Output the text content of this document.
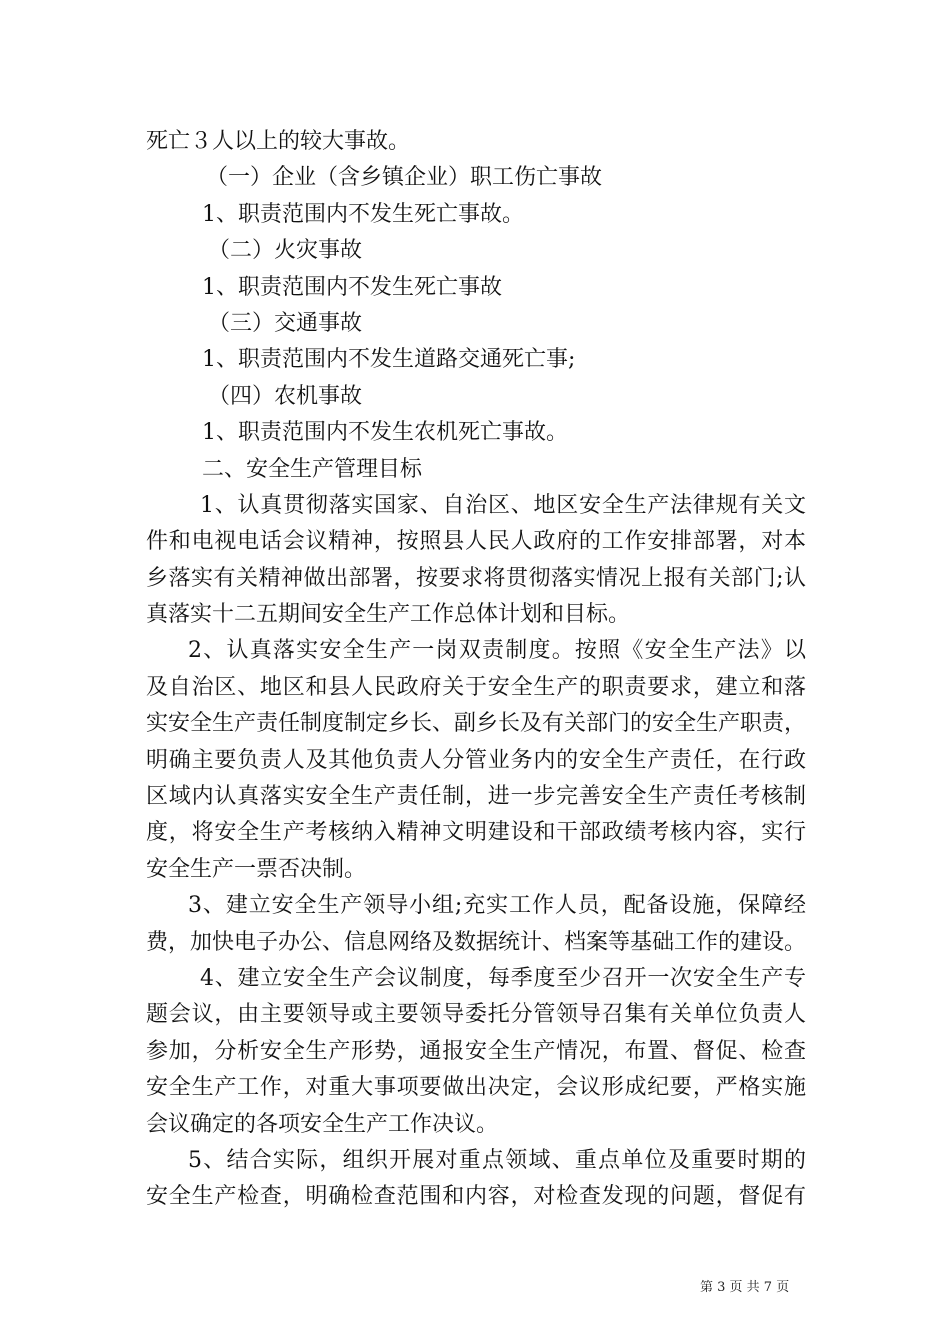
死亡３人以上的较大事故。
（一）企业（含乡镇企业）职工伤亡事故
1、职责范围内不发生死亡事故。
（二）火灾事故
1、职责范围内不发生死亡事故
（三）交通事故
1、职责范围内不发生道路交通死亡事;
（四）农机事故
1、职责范围内不发生农机死亡事故。
二、安全生产管理目标
1、认真贯彻落实国家、自治区、地区安全生产法律规有关文
件和电视电话会议精神，按照县人民人政府的工作安排部署，对本
乡落实有关精神做出部署，按要求将贯彻落实情况上报有关部门;认
真落实十二五期间安全生产工作总体计划和目标。
2、认真落实安全生产一岗双责制度。按照《安全生产法》以
及自治区、地区和县人民政府关于安全生产的职责要求，建立和落
实安全生产责任制度制定乡长、副乡长及有关部门的安全生产职责，
明确主要负责人及其他负责人分管业务内的安全生产责任，在行政
区域内认真落实安全生产责任制，进一步完善安全生产责任考核制
度，将安全生产考核纳入精神文明建设和干部政绩考核内容，实行
安全生产一票否决制。
3、建立安全生产领导小组;充实工作人员，配备设施，保障经
费，加快电子办公、信息网络及数据统计、档案等基础工作的建设。
4、建立安全生产会议制度，每季度至少召开一次安全生产专
题会议，由主要领导或主要领导委托分管领导召集有关单位负责人
参加，分析安全生产形势，通报安全生产情况，布置、督促、检查
安全生产工作，对重大事项要做出决定，会议形成纪要，严格实施
会议确定的各项安全生产工作决议。
5、结合实际，组织开展对重点领域、重点单位及重要时期的
安全生产检查，明确检查范围和内容，对检查发现的问题，督促有
第 3 页 共 7 页
